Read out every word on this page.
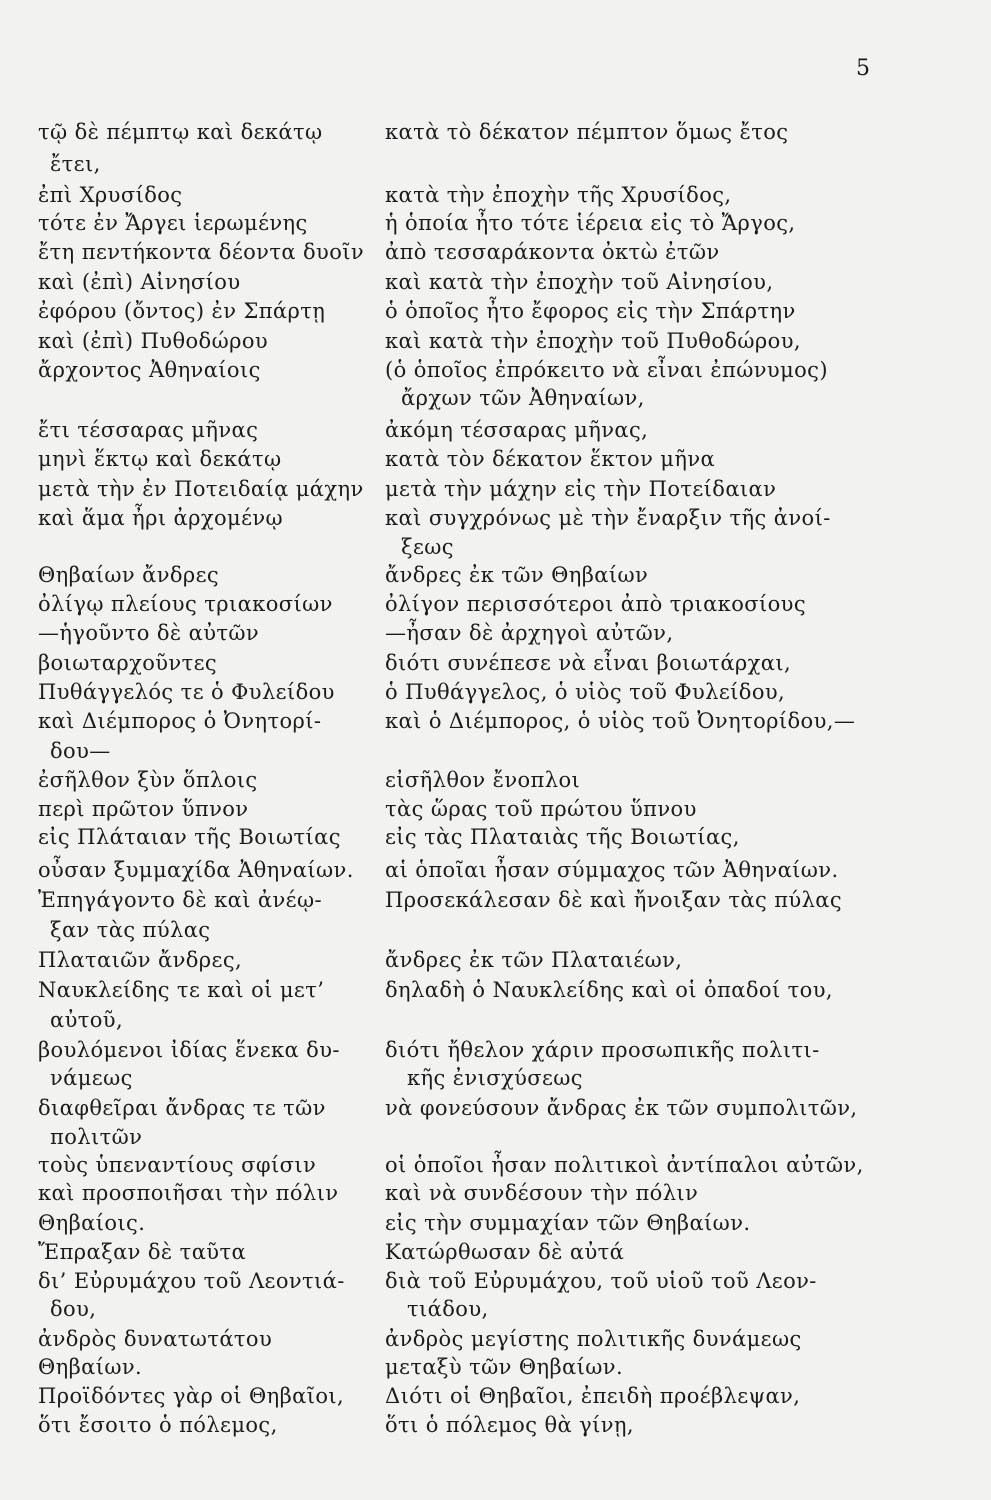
5
τῷ δὲ πέμπτῳ καὶ δεκάτῳ
ἔτει,
ἐπὶ Χρυσίδος
τότε ἐν Ἄργει ἱερωμένης
ἔτη πεντήκοντα δέοντα δυοῖν
καὶ (ἐπὶ) Αἰνησίου
ἐφόρου (ὄντος) ἐν Σπάρτῃ
καὶ (ἐπὶ) Πυθοδώρου
ἄρχοντος Ἀθηναίοις
ἔτι τέσσαρας μῆνας
μηνὶ ἕκτῳ καὶ δεκάτῳ
μετὰ τὴν ἐν Ποτειδαίᾳ μάχην
καὶ ἅμα ἦρι ἀρχομένῳ
Θηβαίων ἄνδρες
ὀλίγῳ πλείους τριακοσίων
—ἡγοῦντο δὲ αὐτῶν
βοιωταρχοῦντες
Πυθάγγελός τε ὁ Φυλείδου
καὶ Διέμπορος ὁ Ὀνητορί-
δου—
ἐσῆλθον ξὺν ὅπλοις
περὶ πρῶτον ὕπνον
εἰς Πλάταιαν τῆς Βοιωτίας
οὖσαν ξυμμαχίδα Ἀθηναίων.
Ἐπηγάγοντο δὲ καὶ ἀνέῳ-
ξαν τὰς πύλας
Πλαταιῶν ἄνδρες,
Ναυκλείδης τε καὶ οἱ μετ’
αὐτοῦ,
βουλόμενοι ἰδίας ἕνεκα δυ-
νάμεως
διαφθεῖραι ἄνδρας τε τῶν
πολιτῶν
τοὺς ὑπεναντίους σφίσιν
καὶ προσποιῆσαι τὴν πόλιν
Θηβαίοις.
Ἔπραξαν δὲ ταῦτα
δι’ Εὐρυμάχου τοῦ Λεοντιά-
δου,
ἀνδρὸς δυνατωτάτου
Θηβαίων.
Προϊδόντες γὰρ οἱ Θηβαῖοι,
ὅτι ἔσοιτο ὁ πόλεμος,
κατὰ τὸ δέκατον πέμπτον ὅμως ἔτος
κατὰ τὴν ἐποχὴν τῆς Χρυσίδος,
ἡ ὁποία ἦτο τότε ἱέρεια εἰς τὸ Ἄργος,
ἀπὸ τεσσαράκοντα ὀκτὼ ἐτῶν
καὶ κατὰ τὴν ἐποχὴν τοῦ Αἰνησίου,
ὁ ὁποῖος ἦτο ἔφορος εἰς τὴν Σπάρτην
καὶ κατὰ τὴν ἐποχὴν τοῦ Πυθοδώρου,
(ὁ ὁποῖος ἐπρόκειτο νὰ εἶναι ἐπώνυμος)
ἄρχων τῶν Ἀθηναίων,
ἀκόμη τέσσαρας μῆνας,
κατὰ τὸν δέκατον ἕκτον μῆνα
μετὰ τὴν μάχην εἰς τὴν Ποτείδαιαν
καὶ συγχρόνως μὲ τὴν ἔναρξιν τῆς ἀνοί-
ξεως
ἄνδρες ἐκ τῶν Θηβαίων
ὀλίγον περισσότεροι ἀπὸ τριακοσίους
—ἦσαν δὲ ἀρχηγοὶ αὐτῶν,
διότι συνέπεσε νὰ εἶναι βοιωτάρχαι,
ὁ Πυθάγγελος, ὁ υἱὸς τοῦ Φυλείδου,
καὶ ὁ Διέμπορος, ὁ υἱὸς τοῦ Ὀνητορίδου,—
εἰσῆλθον ἔνοπλοι
τὰς ὥρας τοῦ πρώτου ὕπνου
εἰς τὰς Πλαταιὰς τῆς Βοιωτίας,
αἱ ὁποῖαι ἦσαν σύμμαχος τῶν Ἀθηναίων.
Προσεκάλεσαν δὲ καὶ ἤνοιξαν τὰς πύλας
ἄνδρες ἐκ τῶν Πλαταιέων,
δηλαδὴ ὁ Ναυκλείδης καὶ οἱ ὀπαδοί του,
διότι ἤθελον χάριν προσωπικῆς πολιτι-
κῆς ἐνισχύσεως
νὰ φονεύσουν ἄνδρας ἐκ τῶν συμπολιτῶν,
οἱ ὁποῖοι ἦσαν πολιτικοὶ ἀντίπαλοι αὐτῶν,
καὶ νὰ συνδέσουν τὴν πόλιν
εἰς τὴν συμμαχίαν τῶν Θηβαίων.
Κατώρθωσαν δὲ αὐτά
διὰ τοῦ Εὐρυμάχου, τοῦ υἱοῦ τοῦ Λεον-
τιάδου,
ἀνδρὸς μεγίστης πολιτικῆς δυνάμεως
μεταξὺ τῶν Θηβαίων.
Διότι οἱ Θηβαῖοι, ἐπειδὴ προέβλεψαν,
ὅτι ὁ πόλεμος θὰ γίνῃ,
